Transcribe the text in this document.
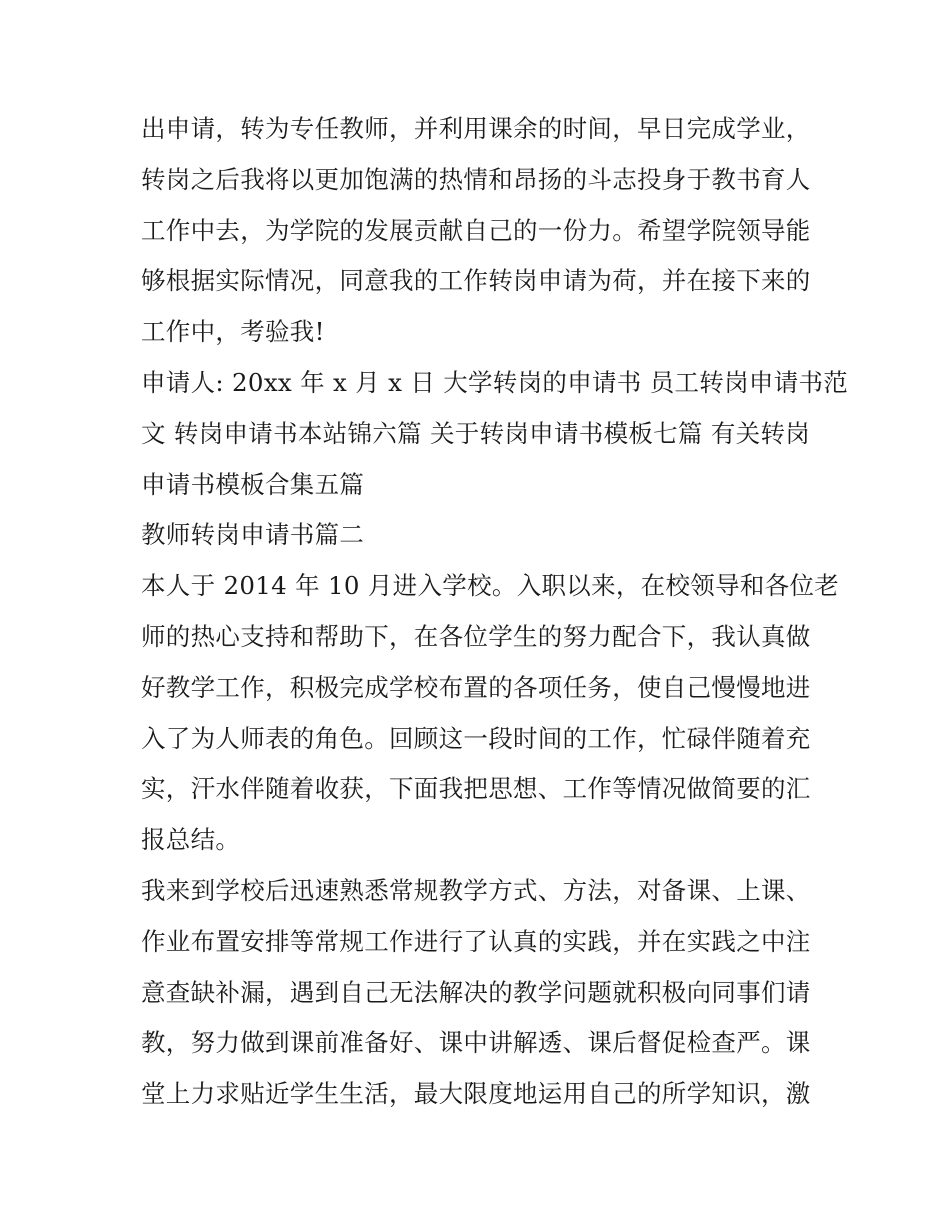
出申请，转为专任教师，并利用课余的时间，早日完成学业，
转岗之后我将以更加饱满的热情和昂扬的斗志投身于教书育人
工作中去，为学院的发展贡献自己的一份力。希望学院领导能
够根据实际情况，同意我的工作转岗申请为荷，并在接下来的
工作中，考验我!
申请人: 20xx 年 x 月 x 日 大学转岗的申请书 员工转岗申请书范
文 转岗申请书本站锦六篇 关于转岗申请书模板七篇 有关转岗
申请书模板合集五篇
教师转岗申请书篇二
本人于 2014 年 10 月进入学校。入职以来，在校领导和各位老
师的热心支持和帮助下，在各位学生的努力配合下，我认真做
好教学工作，积极完成学校布置的各项任务，使自己慢慢地进
入了为人师表的角色。回顾这一段时间的工作，忙碌伴随着充
实，汗水伴随着收获，下面我把思想、工作等情况做简要的汇
报总结。
我来到学校后迅速熟悉常规教学方式、方法，对备课、上课、
作业布置安排等常规工作进行了认真的实践，并在实践之中注
意查缺补漏，遇到自己无法解决的教学问题就积极向同事们请
教，努力做到课前准备好、课中讲解透、课后督促检查严。课
堂上力求贴近学生生活，最大限度地运用自己的所学知识，激
